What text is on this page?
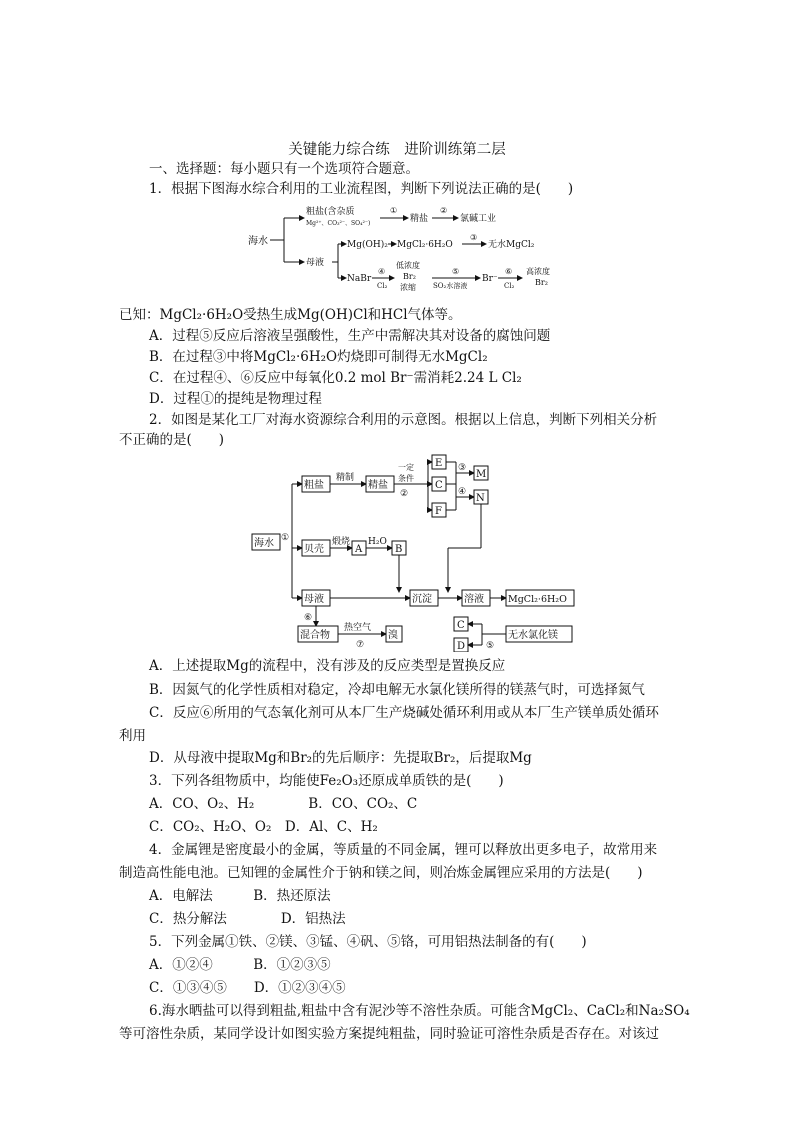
关键能力综合练　进阶训练第二层
一、选择题：每小题只有一个选项符合题意。
1．根据下图海水综合利用的工业流程图，判断下列说法正确的是(　　)
海水
粗盐(含杂质
Mg²⁺、CO₃²⁻、SO₄²⁻)
①
精盐
②
氯碱工业
母液
Mg(OH)₂ MgCl₂·6H₂O
③
无水MgCl₂
NaBr
④
Cl₂
低浓度
Br₂
浓缩
⑤
SO₂水溶液
Br⁻
⑥
Cl₂
高浓度
Br₂
已知：MgCl₂·6H₂O受热生成Mg(OH)Cl和HCl气体等。
A．过程⑤反应后溶液呈强酸性，生产中需解决其对设备的腐蚀问题
B．在过程③中将MgCl₂·6H₂O灼烧即可制得无水MgCl₂
C．在过程④、⑥反应中每氧化0.2 mol Br⁻需消耗2.24 L Cl₂
D．过程①的提纯是物理过程
2．如图是某化工厂对海水资源综合利用的示意图。根据以上信息，判断下列相关分析
不正确的是(　　)
海水 ①
粗盐
精制
精盐
一定
条件
②
E
C
F
③
M
④
N
贝壳
煅烧
A
H₂O
B
母液	沉淀	溶液	MgCl₂·6H₂O
⑥
混合物
热空气
⑦
溴
C
D ⑤
无水氯化镁
A．上述提取Mg的流程中，没有涉及的反应类型是置换反应
B．因氮气的化学性质相对稳定，冷却电解无水氯化镁所得的镁蒸气时，可选择氮气
C．反应⑥所用的气态氧化剂可从本厂生产烧碱处循环利用或从本厂生产镁单质处循环
利用
D．从母液中提取Mg和Br₂的先后顺序：先提取Br₂，后提取Mg
3．下列各组物质中，均能使Fe₂O₃还原成单质铁的是(　　)
A．CO、O₂、H₂　　　　B．CO、CO₂、C
C．CO₂、H₂O、O₂　D．Al、C、H₂
4．金属锂是密度最小的金属，等质量的不同金属，锂可以释放出更多电子，故常用来
制造高性能电池。已知锂的金属性介于钠和镁之间，则冶炼金属锂应采用的方法是(　　)
A．电解法　　　B．热还原法
C．热分解法　　　　D．铝热法
5．下列金属①铁、②镁、③锰、④矾、⑤铬，可用铝热法制备的有(　　)
A．①②④　　　B．①②③⑤
C．①③④⑤　　D．①②③④⑤
6.海水晒盐可以得到粗盐,粗盐中含有泥沙等不溶性杂质。可能含MgCl₂、CaCl₂和Na₂SO₄
等可溶性杂质，某同学设计如图实验方案提纯粗盐，同时验证可溶性杂质是否存在。对该过
